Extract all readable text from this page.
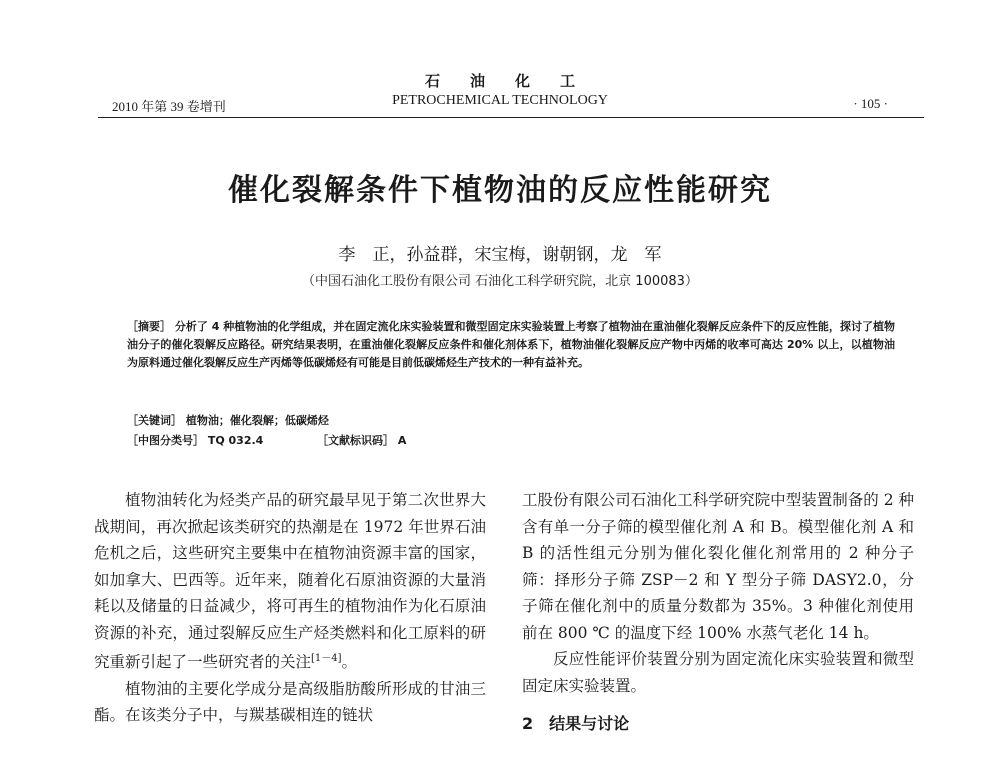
石油化工
PETROCHEMICAL TECHNOLOGY
2010 年第 39 卷增刊	· 105 ·
催化裂解条件下植物油的反应性能研究
李　正，孙益群，宋宝梅，谢朝钢，龙　军
（中国石油化工股份有限公司 石油化工科学研究院，北京 100083）
［摘要］ 分析了 4 种植物油的化学组成，并在固定流化床实验装置和微型固定床实验装置上考察了植物油在重油催化裂解反应条件下的反应性能，探讨了植物油分子的催化裂解反应路径。研究结果表明，在重油催化裂解反应条件和催化剂体系下，植物油催化裂解反应产物中丙烯的收率可高达 20% 以上，以植物油为原料通过催化裂解反应生产丙烯等低碳烯烃有可能是目前低碳烯烃生产技术的一种有益补充。
［关键词］ 植物油；催化裂解；低碳烯烃
［中图分类号］ TQ 032.4	［文献标识码］ A

植物油转化为烃类产品的研究最早见于第二次世界大战期间，再次掀起该类研究的热潮是在 1972 年世界石油危机之后，这些研究主要集中在植物油资源丰富的国家，如加拿大、巴西等。近年来，随着化石原油资源的大量消耗以及储量的日益减少，将可再生的植物油作为化石原油资源的补充，通过裂解反应生产烃类燃料和化工原料的研究重新引起了一些研究者的关注[1－4]。

植物油的主要化学成分是高级脂肪酸所形成的甘油三酯。在该类分子中，与羰基碳相连的链状

工股份有限公司石油化工科学研究院中型装置制备的 2 种含有单一分子筛的模型催化剂 A 和 B。模型催化剂 A 和 B 的活性组元分别为催化裂化催化剂常用的 2 种分子筛：择形分子筛 ZSP－2 和 Y 型分子筛 DASY2.0，分子筛在催化剂中的质量分数都为 35%。3 种催化剂使用前在 800 ℃ 的温度下经 100% 水蒸气老化 14 h。

反应性能评价装置分别为固定流化床实验装置和微型固定床实验装置。

2　结果与讨论
